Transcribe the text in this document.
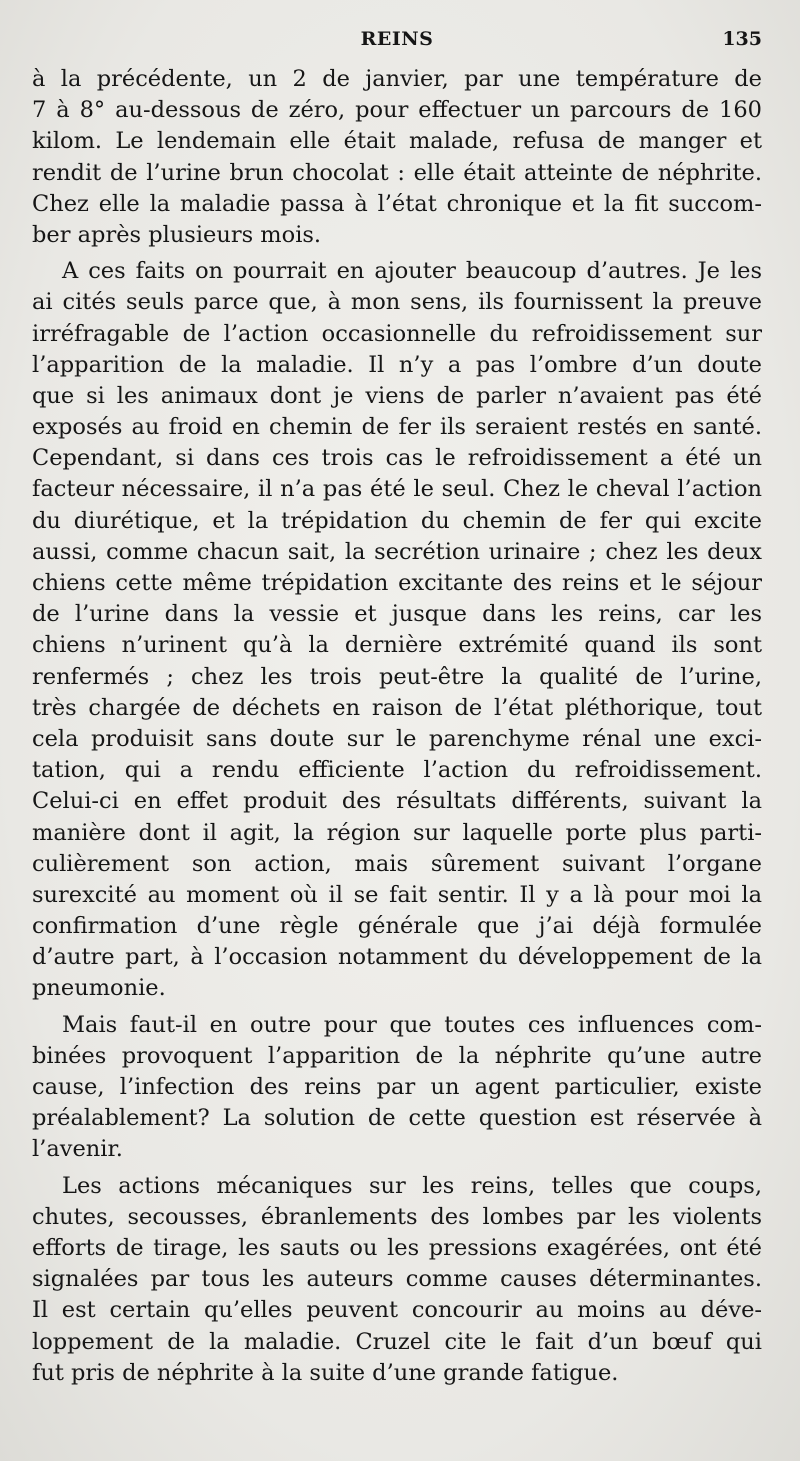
REINS	135
à la précédente, un 2 de janvier, par une température de
7 à 8° au-dessous de zéro, pour effectuer un parcours de 160
kilom. Le lendemain elle était malade, refusa de manger et
rendit de l’urine brun chocolat : elle était atteinte de néphrite.
Chez elle la maladie passa à l’état chronique et la fit succom-
ber après plusieurs mois.
A ces faits on pourrait en ajouter beaucoup d’autres. Je les
ai cités seuls parce que, à mon sens, ils fournissent la preuve
irréfragable de l’action occasionnelle du refroidissement sur
l’apparition de la maladie. Il n’y a pas l’ombre d’un doute
que si les animaux dont je viens de parler n’avaient pas été
exposés au froid en chemin de fer ils seraient restés en santé.
Cependant, si dans ces trois cas le refroidissement a été un
facteur nécessaire, il n’a pas été le seul. Chez le cheval l’action
du diurétique, et la trépidation du chemin de fer qui excite
aussi, comme chacun sait, la secrétion urinaire ; chez les deux
chiens cette même trépidation excitante des reins et le séjour
de l’urine dans la vessie et jusque dans les reins, car les
chiens n’urinent qu’à la dernière extrémité quand ils sont
renfermés ; chez les trois peut-être la qualité de l’urine,
très chargée de déchets en raison de l’état pléthorique, tout
cela produisit sans doute sur le parenchyme rénal une exci-
tation, qui a rendu efficiente l’action du refroidissement.
Celui-ci en effet produit des résultats différents, suivant la
manière dont il agit, la région sur laquelle porte plus parti-
culièrement son action, mais sûrement suivant l’organe
surexcité au moment où il se fait sentir. Il y a là pour moi la
confirmation d’une règle générale que j’ai déjà formulée
d’autre part, à l’occasion notamment du développement de la
pneumonie.
Mais faut-il en outre pour que toutes ces influences com-
binées provoquent l’apparition de la néphrite qu’une autre
cause, l’infection des reins par un agent particulier, existe
préalablement? La solution de cette question est réservée à
l’avenir.
Les actions mécaniques sur les reins, telles que coups,
chutes, secousses, ébranlements des lombes par les violents
efforts de tirage, les sauts ou les pressions exagérées, ont été
signalées par tous les auteurs comme causes déterminantes.
Il est certain qu’elles peuvent concourir au moins au déve-
loppement de la maladie. Cruzel cite le fait d’un bœuf qui
fut pris de néphrite à la suite d’une grande fatigue.
